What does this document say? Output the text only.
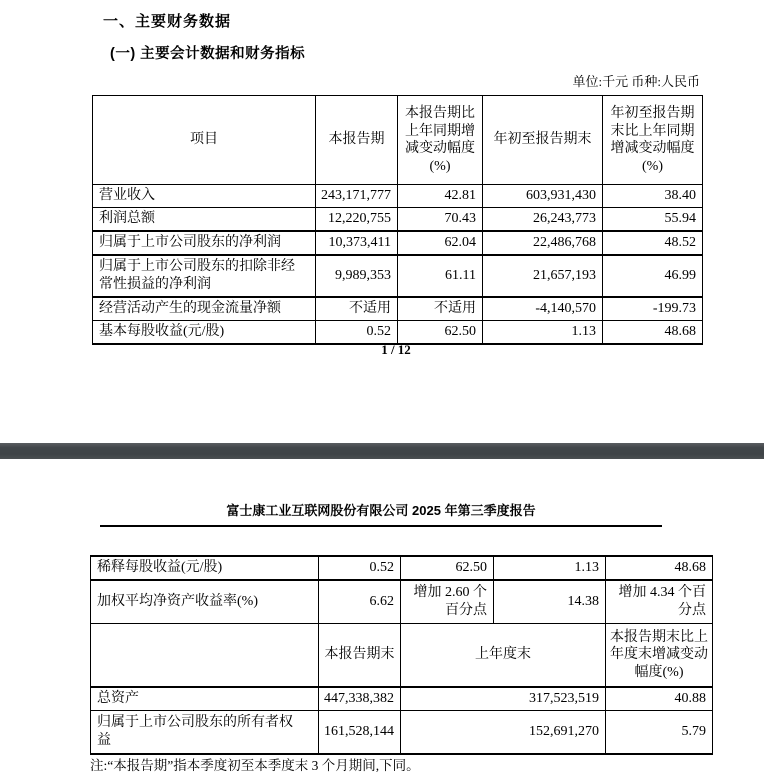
一、主要财务数据
(一) 主要会计数据和财务指标
单位:千元 币种:人民币
项目	本报告期	本报告期比上年同期增减变动幅度(%)	年初至报告期末	年初至报告期末比上年同期增减变动幅度(%)
营业收入	243,171,777	42.81	603,931,430	38.40
利润总额	12,220,755	70.43	26,243,773	55.94
归属于上市公司股东的净利润	10,373,411	62.04	22,486,768	48.52
归属于上市公司股东的扣除非经常性损益的净利润	9,989,353	61.11	21,657,193	46.99
经营活动产生的现金流量净额	不适用	不适用	-4,140,570	-199.73
基本每股收益(元/股)	0.52	62.50	1.13	48.68
1 / 12
富士康工业互联网股份有限公司 2025 年第三季度报告
稀释每股收益(元/股)	0.52	62.50	1.13	48.68
加权平均净资产收益率(%)	6.62	增加 2.60 个百分点	14.38	增加 4.34 个百分点
	本报告期末	上年度末		本报告期末比上年度末增减变动幅度(%)
总资产	447,338,382	317,523,519		40.88
归属于上市公司股东的所有者权益	161,528,144	152,691,270		5.79
注:“本报告期”指本季度初至本季度末 3 个月期间,下同。
